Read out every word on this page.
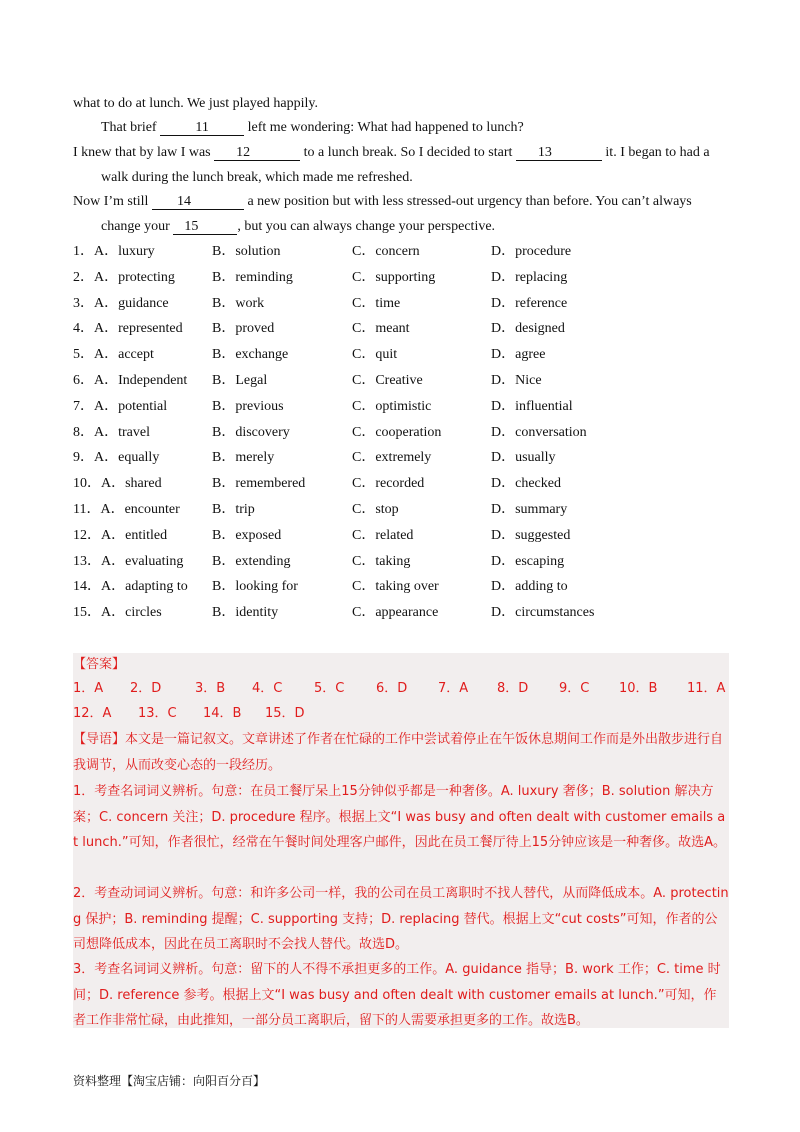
what to do at lunch. We just played happily.

That brief	11	left me wondering: What had happened to lunch?

I knew that by law I was 12	to a lunch break. So I decided to start 13	it. I began to had a walk during the lunch break, which made me refreshed.

Now I’m still 14	a new position but with less stressed-out urgency than before. You can’t always change your 15	, but you can always change your perspective.

1．A．luxury	B．solution	C．concern	D．procedure
2．A．protecting	B．reminding	C．supporting	D．replacing
3．A．guidance	B．work	C．time	D．reference
4．A．represented B．proved	C．meant	D．designed
5．A．accept	B．exchange	C．quit	D．agree
6．A．Independent B．Legal	C．Creative	D．Nice
7．A．potential	B．previous	C．optimistic	D．influential
8．A．travel	B．discovery	C．cooperation	D．conversation
9．A．equally	B．merely	C．extremely	D．usually
10．A．shared	B．remembered	C．recorded	D．checked
11．A．encounter B．trip	C．stop	D．summary
12．A．entitled	B．exposed	C．related	D．suggested
13．A．evaluating B．extending	C．taking	D．escaping
14．A．adapting to B．looking for	C．taking over	D．adding to
15．A．circles	B．identity	C．appearance	D．circumstances
【答案】
1．A 2．D	3．B 4．C 5．C 6．D 7．A 8．D 9．C 10．B 11．A
12．A 13．C 14．B 15．D
【导语】本文是一篇记叙文。文章讲述了作者在忙碌的工作中尝试着停止在午饭休息期间工作而是外出散步进行自我调节，从而改变心态的一段经历。
1．考查名词词义辨析。句意：在员工餐厅呆上15分钟似乎都是一种奢侈。A. luxury 奢侈；B. solution 解决方案；C. concern 关注；D. procedure 程序。根据上文“I was busy and often dealt with customer emails at lunch.”可知，作者很忙，经常在午餐时间处理客户邮件，因此在员工餐厅待上15分钟应该是一种奢侈。故选A。
2．考查动词词义辨析。句意：和许多公司一样，我的公司在员工离职时不找人替代，从而降低成本。A. protecting 保护；B. reminding 提醒；C. supporting 支持；D. replacing 替代。根据上文“cut costs”可知，作者的公司想降低成本，因此在员工离职时不会找人替代。故选D。
3．考查名词词义辨析。句意：留下的人不得不承担更多的工作。A. guidance 指导；B. work 工作；C. time 时间；D. reference 参考。根据上文“I was busy and often dealt with customer emails at lunch.”可知，作者工作非常忙碌，由此推知，一部分员工离职后，留下的人需要承担更多的工作。故选B。
资料整理【淘宝店铺：向阳百分百】
